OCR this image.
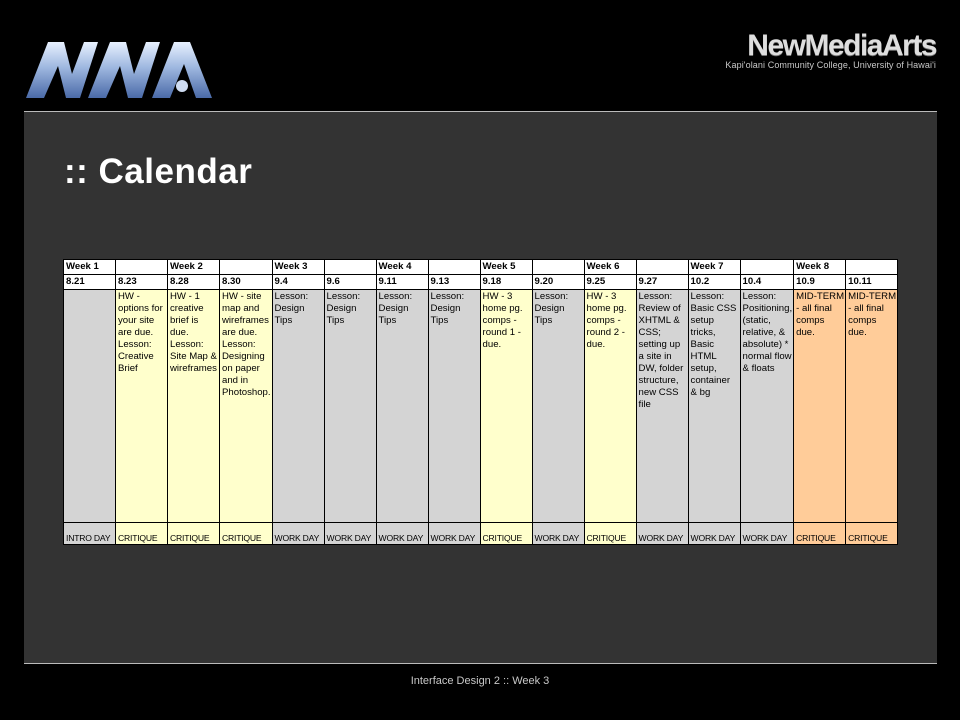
NewMediaArts
Kapi'olani Community College, University of Hawai'i
:: Calendar
Week 1		Week 2		Week 3		Week 4		Week 5		Week 6		Week 7		Week 8	
8.21	8.23	8.28	8.30	9.4	9.6	9.11	9.13	9.18	9.20	9.25	9.27	10.2	10.4	10.9	10.11
	HW - options for your site are due. Lesson: Creative Brief	HW - 1 creative brief is due. Lesson: Site Map & wireframes	HW - site map and wireframes are due. Lesson: Designing on paper and in Photoshop.	Lesson: Design Tips	Lesson: Design Tips	Lesson: Design Tips	Lesson: Design Tips	HW - 3 home pg. comps - round 1 - due.	Lesson: Design Tips	HW - 3 home pg. comps - round 2 - due.	Lesson: Review of XHTML & CSS; setting up a site in DW, folder structure, new CSS file	Lesson: Basic CSS setup tricks, Basic HTML setup, container & bg	Lesson: Positioning, (static, relative, & absolute) * normal flow & floats	MID-TERM - all final comps due.	MID-TERM - all final comps due.
INTRO DAY	CRITIQUE	CRITIQUE	CRITIQUE	WORK DAY	WORK DAY	WORK DAY	WORK DAY	CRITIQUE	WORK DAY	CRITIQUE	WORK DAY	WORK DAY	WORK DAY	CRITIQUE	CRITIQUE
Interface Design 2 :: Week 3
